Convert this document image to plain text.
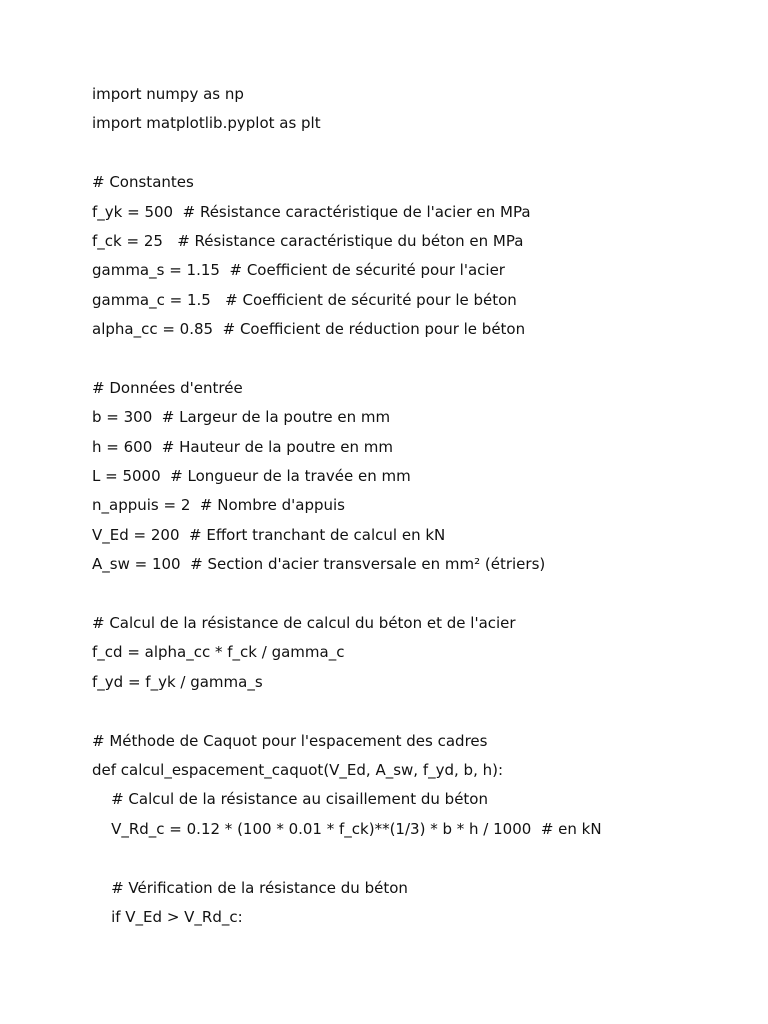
import numpy as np
import matplotlib.pyplot as plt
# Constantes
f_yk = 500  # Résistance caractéristique de l'acier en MPa
f_ck = 25   # Résistance caractéristique du béton en MPa
gamma_s = 1.15  # Coefficient de sécurité pour l'acier
gamma_c = 1.5   # Coefficient de sécurité pour le béton
alpha_cc = 0.85  # Coefficient de réduction pour le béton
# Données d'entrée
b = 300  # Largeur de la poutre en mm
h = 600  # Hauteur de la poutre en mm
L = 5000  # Longueur de la travée en mm
n_appuis = 2  # Nombre d'appuis
V_Ed = 200  # Effort tranchant de calcul en kN
A_sw = 100  # Section d'acier transversale en mm² (étriers)
# Calcul de la résistance de calcul du béton et de l'acier
f_cd = alpha_cc * f_ck / gamma_c
f_yd = f_yk / gamma_s
# Méthode de Caquot pour l'espacement des cadres
def calcul_espacement_caquot(V_Ed, A_sw, f_yd, b, h):
# Calcul de la résistance au cisaillement du béton
V_Rd_c = 0.12 * (100 * 0.01 * f_ck)**(1/3) * b * h / 1000  # en kN
# Vérification de la résistance du béton
if V_Ed > V_Rd_c:
